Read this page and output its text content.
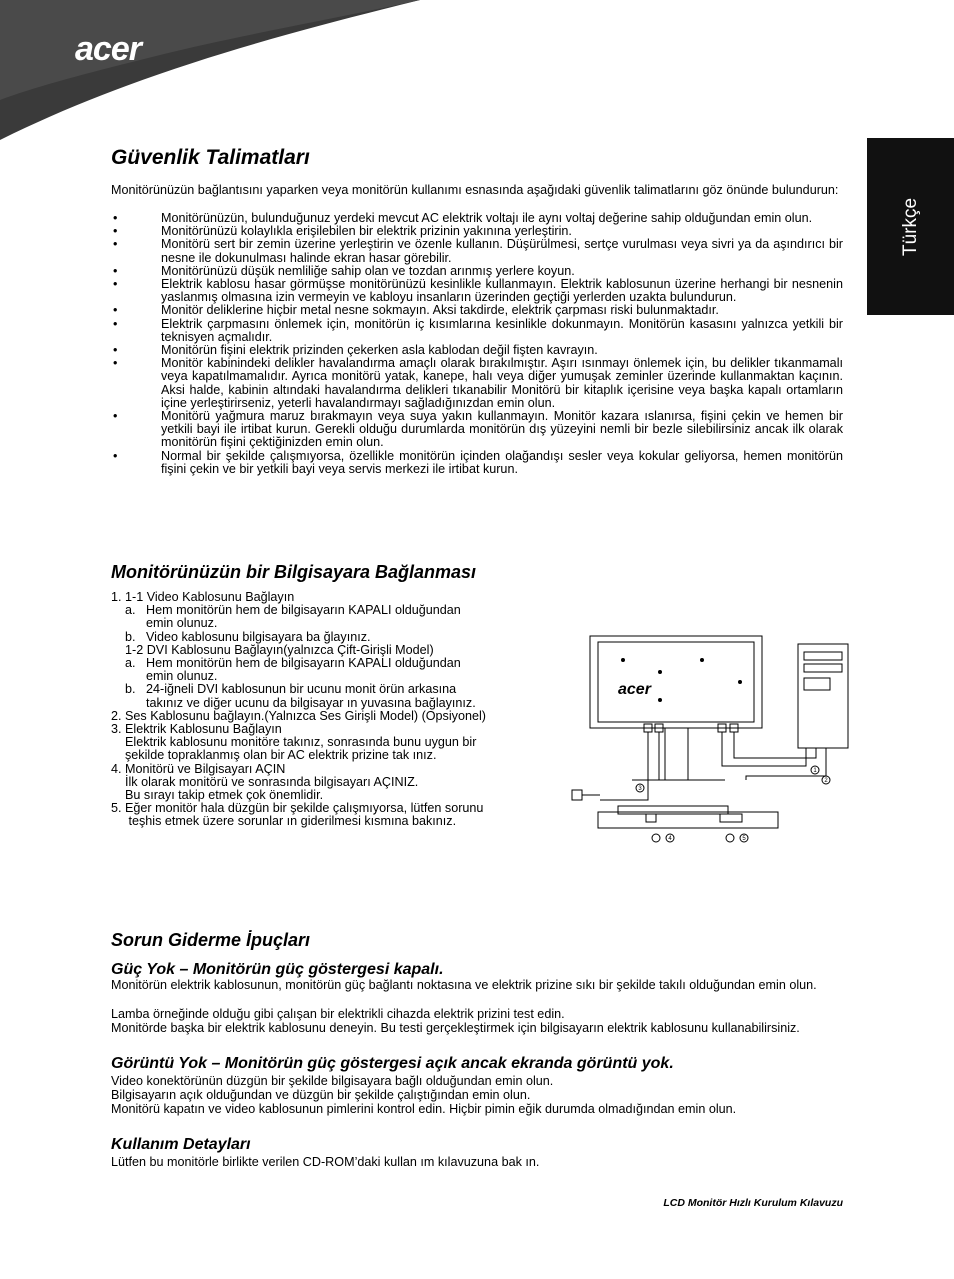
acer
Türkçe
Güvenlik Talimatları
Monitörünüzün bağlantısını yaparken veya monitörün kullanımı esnasında aşağıdaki güvenlik talimatlarını göz önünde bulundurun:
• Monitörünüzün, bulunduğunuz yerdeki mevcut AC elektrik voltajı ile aynı voltaj değerine sahip olduğundan emin olun.
• Monitörünüzü kolaylıkla erişilebilen bir elektrik prizinin yakınına yerleştirin.
• Monitörü sert bir zemin üzerine yerleştirin ve özenle kullanın. Düşürülmesi, sertçe vurulması veya sivri ya da aşındırıcı bir nesne ile dokunulması halinde ekran hasar görebilir.
• Monitörünüzü düşük nemliliğe sahip olan ve tozdan arınmış yerlere koyun.
• Elektrik kablosu hasar görmüşse monitörünüzü kesinlikle kullanmayın. Elektrik kablosunun üzerine herhangi bir nesnenin yaslanmış olmasına izin vermeyin ve kabloyu insanların üzerinden geçtiği yerlerden uzakta bulundurun.
• Monitör deliklerine hiçbir metal nesne sokmayın. Aksi takdirde, elektrik çarpması riski bulunmaktadır.
• Elektrik çarpmasını önlemek için, monitörün iç kısımlarına kesinlikle dokunmayın. Monitörün kasasını yalnızca yetkili bir teknisyen açmalıdır.
• Monitörün fişini elektrik prizinden çekerken asla kablodan değil fişten kavrayın.
• Monitör kabinindeki delikler havalandırma amaçlı olarak bırakılmıştır. Aşırı ısınmayı önlemek için, bu delikler tıkanmamalı veya kapatılmamalıdır. Ayrıca monitörü yatak, kanepe, halı veya diğer yumuşak zeminler üzerinde kullanmaktan kaçının. Aksi halde, kabinin altındaki havalandırma delikleri tıkanabilir Monitörü bir kitaplık içerisine veya başka kapalı ortamların içine yerleştirirseniz, yeterli havalandırmayı sağladığınızdan emin olun.
• Monitörü yağmura maruz bırakmayın veya suya yakın kullanmayın. Monitör kazara ıslanırsa, fişini çekin ve hemen bir yetkili bayi ile irtibat kurun. Gerekli olduğu durumlarda monitörün dış yüzeyini nemli bir bezle silebilirsiniz ancak ilk olarak monitörün fişini çektiğinizden emin olun.
• Normal bir şekilde çalışmıyorsa, özellikle monitörün içinden olağandışı sesler veya kokular geliyorsa, hemen monitörün fişini çekin ve bir yetkili bayi veya servis merkezi ile irtibat kurun.
Monitörünüzün bir Bilgisayara Bağlanması
1. 1-1 Video Kablosunu Bağlayın
a.   Hem monitörün hem de bilgisayarın KAPALI olduğundan
emin olunuz.
b.   Video kablosunu bilgisayara ba ğlayınız.
1-2 DVI Kablosunu Bağlayın(yalnızca Çift-Girişli Model)
a.   Hem monitörün hem de bilgisayarın KAPALI olduğundan
emin olunuz.
b.   24-iğneli DVI kablosunun bir ucunu monit örün arkasına
takınız ve diğer ucunu da bilgisayar ın yuvasına bağlayınız.
2. Ses Kablosunu bağlayın.(Yalnızca Ses Girişli Model) (Opsiyonel)
3. Elektrik Kablosunu Bağlayın
Elektrik kablosunu monitöre takınız, sonrasında bunu uygun bir
şekilde topraklanmış olan bir AC elektrik prizine tak ınız.
4. Monitörü ve Bilgisayarı AÇIN
İlk olarak monitörü ve sonrasında bilgisayarı AÇINIZ.
Bu sırayı takip etmek çok önemlidir.
5. Eğer monitör hala düzgün bir şekilde çalışmıyorsa, lütfen sorunu
teşhis etmek üzere sorunlar ın giderilmesi kısmına bakınız.
acer
1
2
3
4	5
Sorun Giderme İpuçları
Güç Yok – Monitörün güç göstergesi kapalı.

Monitörün elektrik kablosunun, monitörün güç bağlantı noktasına ve elektrik prizine sıkı bir şekilde takılı olduğundan emin olun.

Lamba örneğinde olduğu gibi çalışan bir elektrikli cihazda elektrik prizini test edin.

Monitörde başka bir elektrik kablosunu deneyin. Bu testi gerçekleştirmek için bilgisayarın elektrik kablosunu kullanabilirsiniz.

Görüntü Yok – Monitörün güç göstergesi açık ancak ekranda görüntü yok.

Video konektörünün düzgün bir şekilde bilgisayara bağlı olduğundan emin olun.

Bilgisayarın açık olduğundan ve düzgün bir şekilde çalıştığından emin olun.

Monitörü kapatın ve video kablosunun pimlerini kontrol edin. Hiçbir pimin eğik durumda olmadığından emin olun.

Kullanım Detayları

Lütfen bu monitörle birlikte verilen CD-ROM’daki kullan ım kılavuzuna bak ın.

LCD Monitör Hızlı Kurulum Kılavuzu
